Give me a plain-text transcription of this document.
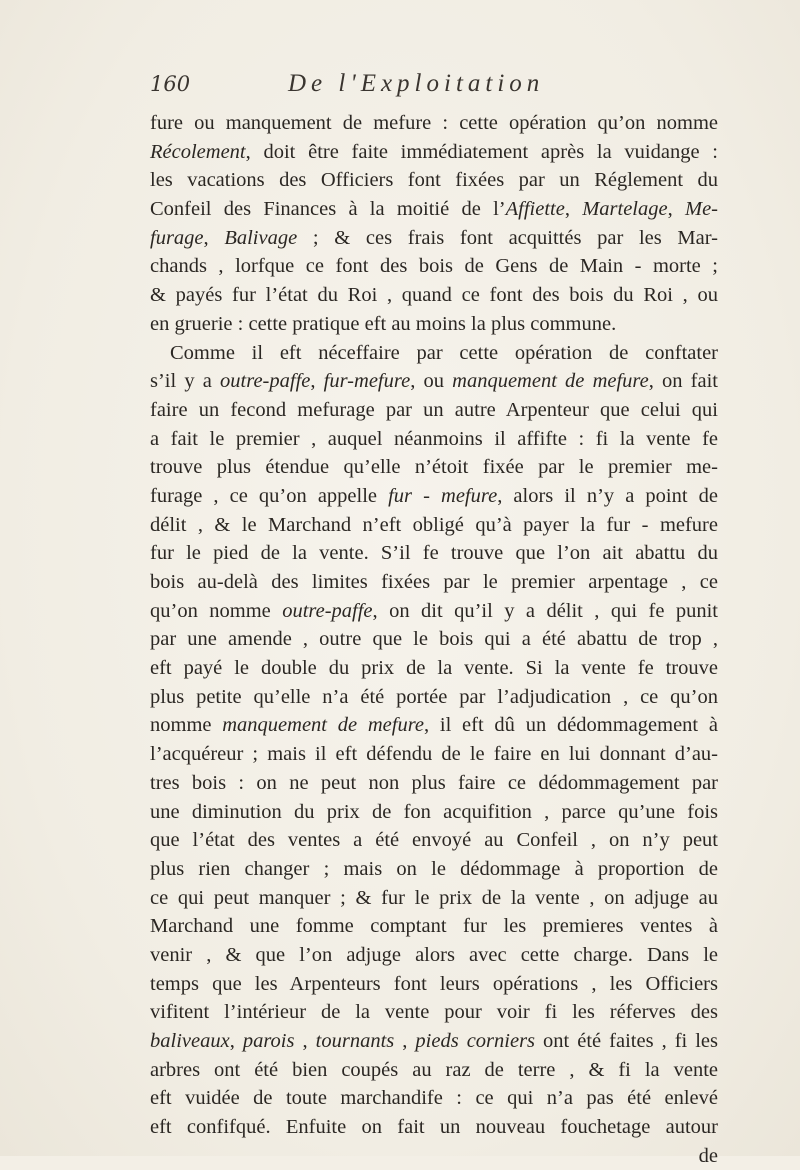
160	De l'Exploitation
fure ou manquement de mefure : cette opération qu’on nomme
Récolement, doit être faite immédiatement après la vuidange :
les vacations des Officiers font fixées par un Réglement du
Confeil des Finances à la moitié de l’Affiette, Martelage, Me-
furage, Balivage ; & ces frais font acquittés par les Mar-
chands , lorfque ce font des bois de Gens de Main - morte ;
& payés fur l’état du Roi , quand ce font des bois du Roi , ou
en gruerie : cette pratique eft au moins la plus commune.
Comme il eft néceffaire par cette opération de conftater
s’il y a outre-paffe, fur-mefure, ou manquement de mefure, on fait
faire un fecond mefurage par un autre Arpenteur que celui qui
a fait le premier , auquel néanmoins il affifte : fi la vente fe
trouve plus étendue qu’elle n’étoit fixée par le premier me-
furage , ce qu’on appelle fur - mefure, alors il n’y a point de
délit , & le Marchand n’eft obligé qu’à payer la fur - mefure
fur le pied de la vente. S’il fe trouve que l’on ait abattu du
bois au-delà des limites fixées par le premier arpentage , ce
qu’on nomme outre-paffe, on dit qu’il y a délit , qui fe punit
par une amende , outre que le bois qui a été abattu de trop ,
eft payé le double du prix de la vente. Si la vente fe trouve
plus petite qu’elle n’a été portée par l’adjudication , ce qu’on
nomme manquement de mefure, il eft dû un dédommagement à
l’acquéreur ; mais il eft défendu de le faire en lui donnant d’au-
tres bois : on ne peut non plus faire ce dédommagement par
une diminution du prix de fon acquifition , parce qu’une fois
que l’état des ventes a été envoyé au Confeil , on n’y peut
plus rien changer ; mais on le dédommage à proportion de
ce qui peut manquer ; & fur le prix de la vente , on adjuge au
Marchand une fomme comptant fur les premieres ventes à
venir , & que l’on adjuge alors avec cette charge. Dans le
temps que les Arpenteurs font leurs opérations , les Officiers
vifitent l’intérieur de la vente pour voir fi les réferves des
baliveaux, parois , tournants , pieds corniers ont été faites , fi les
arbres ont été bien coupés au raz de terre , & fi la vente
eft vuidée de toute marchandife : ce qui n’a pas été enlevé
eft confifqué. Enfuite on fait un nouveau fouchetage autour
de
